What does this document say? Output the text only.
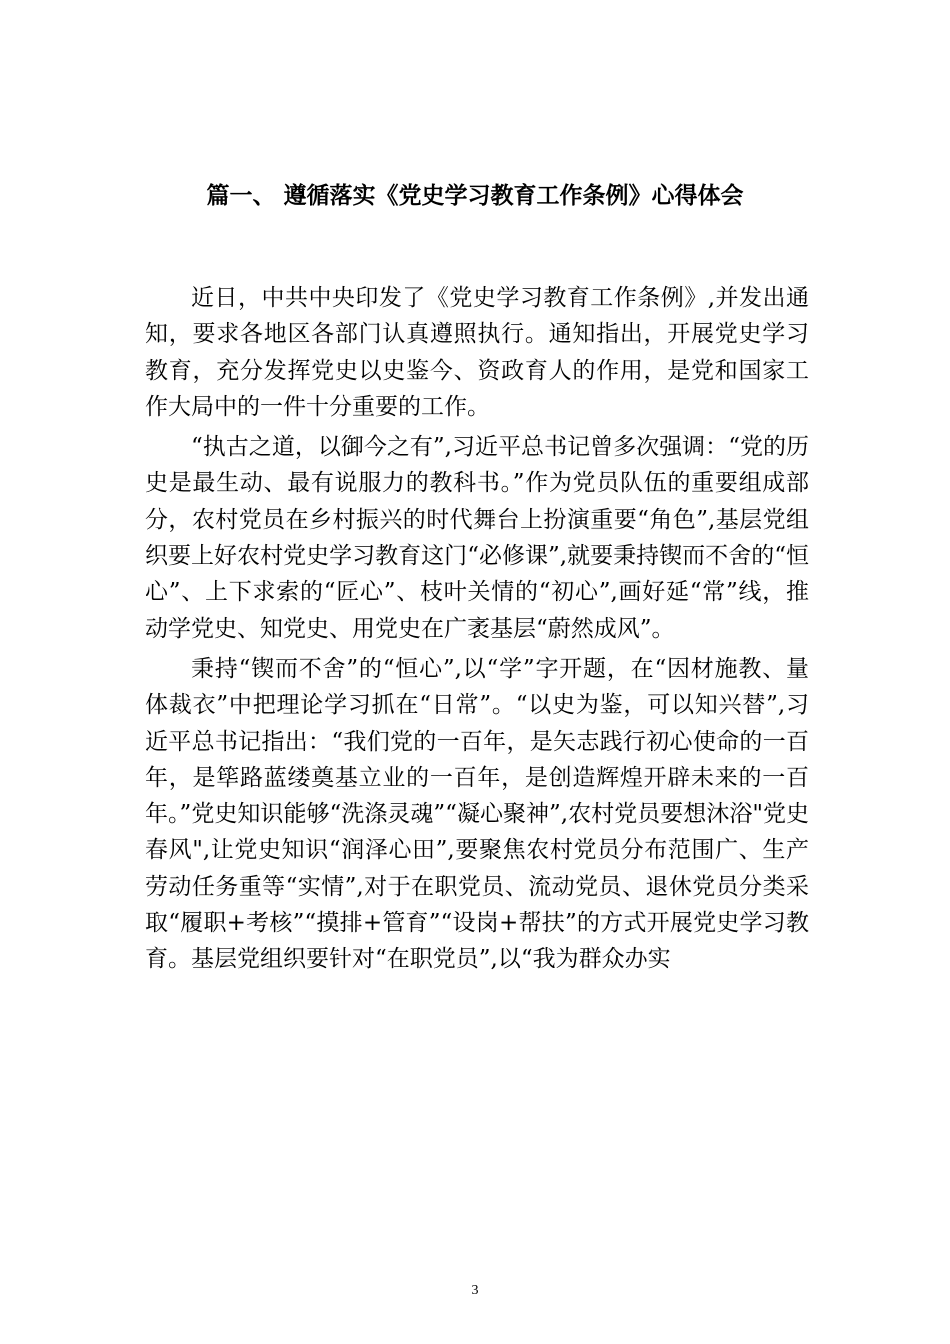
篇一、 遵循落实《党史学习教育工作条例》心得体会

近日，中共中央印发了《党史学习教育工作条例》,并发出通知，要求各地区各部门认真遵照执行。通知指出，开展党史学习教育，充分发挥党史以史鉴今、资政育人的作用，是党和国家工作大局中的一件十分重要的工作。

“执古之道，以御今之有”,习近平总书记曾多次强调：“党的历史是最生动、最有说服力的教科书。”作为党员队伍的重要组成部分，农村党员在乡村振兴的时代舞台上扮演重要“角色”,基层党组织要上好农村党史学习教育这门“必修课”,就要秉持锲而不舍的“恒心”、上下求索的“匠心”、枝叶关情的“初心”,画好延“常”线，推动学党史、知党史、用党史在广袤基层“蔚然成风”。

秉持“锲而不舍”的“恒心”,以“学”字开题，在“因材施教、量体裁衣”中把理论学习抓在“日常”。“以史为鉴，可以知兴替”,习近平总书记指出：“我们党的一百年，是矢志践行初心使命的一百年，是筚路蓝缕奠基立业的一百年，是创造辉煌开辟未来的一百年。”党史知识能够“洗涤灵魂”“凝心聚神”,农村党员要想沐浴"党史春风",让党史知识“润泽心田”,要聚焦农村党员分布范围广、生产劳动任务重等“实情”,对于在职党员、流动党员、退休党员分类采取“履职+考核”“摸排+管育”“设岗+帮扶”的方式开展党史学习教育。基层党组织要针对“在职党员”,以“我为群众办实

3
